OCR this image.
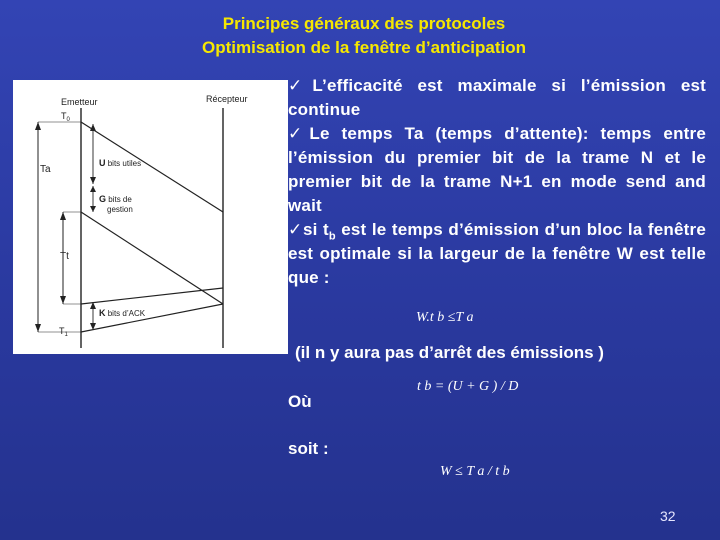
Principes généraux des protocoles
Optimisation de la fenêtre d’anticipation
Emetteur	Récepteur
$T_0$
$T_1$
Ta
Tt
U bits utiles
G bits de
gestion
K bits d’ACK

✓L’efficacité est maximale si l’émission est continue

✓Le temps Ta (temps d’attente): temps entre l’émission du premier bit de la trame N et le premier bit de la trame N+1 en mode send and wait

✓si $t_b$ est le temps d’émission d’un bloc la fenêtre est optimale si la largeur de la fenêtre W est telle que :

W.t b ≤T a
(il n y aura pas d’arrêt des émissions )
t b = (U + G ) / D
Où
soit :
W ≤ T a / t b
32
